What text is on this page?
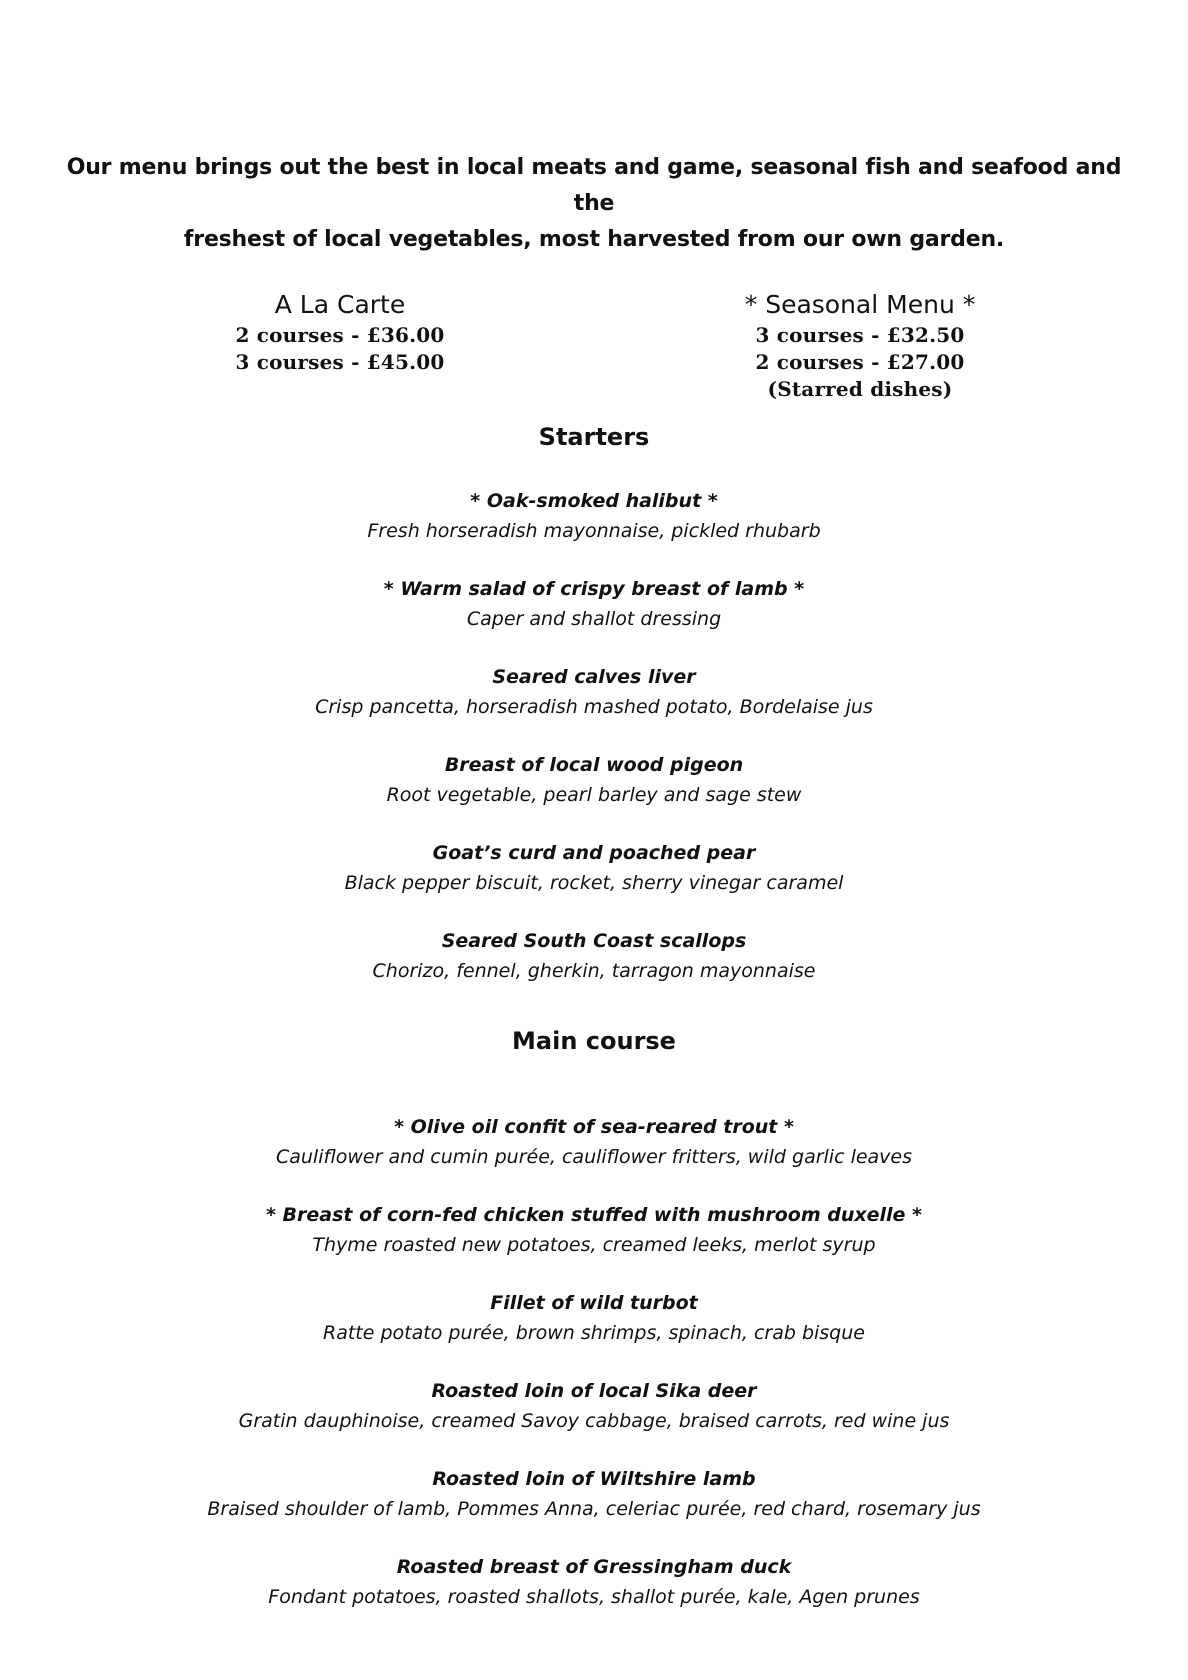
Our menu brings out the best in local meats and game, seasonal fish and seafood and the
freshest of local vegetables, most harvested from our own garden.
A La Carte
2 courses - £36.00
3 courses - £45.00
* Seasonal Menu *
3 courses - £32.50
2 courses - £27.00
(Starred dishes)
Starters
* Oak-smoked halibut *
Fresh horseradish mayonnaise, pickled rhubarb
* Warm salad of crispy breast of lamb *
Caper and shallot dressing
Seared calves liver
Crisp pancetta, horseradish mashed potato, Bordelaise jus
Breast of local wood pigeon
Root vegetable, pearl barley and sage stew
Goat’s curd and poached pear
Black pepper biscuit, rocket, sherry vinegar caramel
Seared South Coast scallops
Chorizo, fennel, gherkin, tarragon mayonnaise
Main course
* Olive oil confit of sea-reared trout *
Cauliflower and cumin purée, cauliflower fritters, wild garlic leaves
* Breast of corn-fed chicken stuffed with mushroom duxelle *
Thyme roasted new potatoes, creamed leeks, merlot syrup
Fillet of wild turbot
Ratte potato purée, brown shrimps, spinach, crab bisque
Roasted loin of local Sika deer
Gratin dauphinoise, creamed Savoy cabbage, braised carrots, red wine jus
Roasted loin of Wiltshire lamb
Braised shoulder of lamb, Pommes Anna, celeriac purée, red chard, rosemary jus
Roasted breast of Gressingham duck
Fondant potatoes, roasted shallots, shallot purée, kale, Agen prunes
